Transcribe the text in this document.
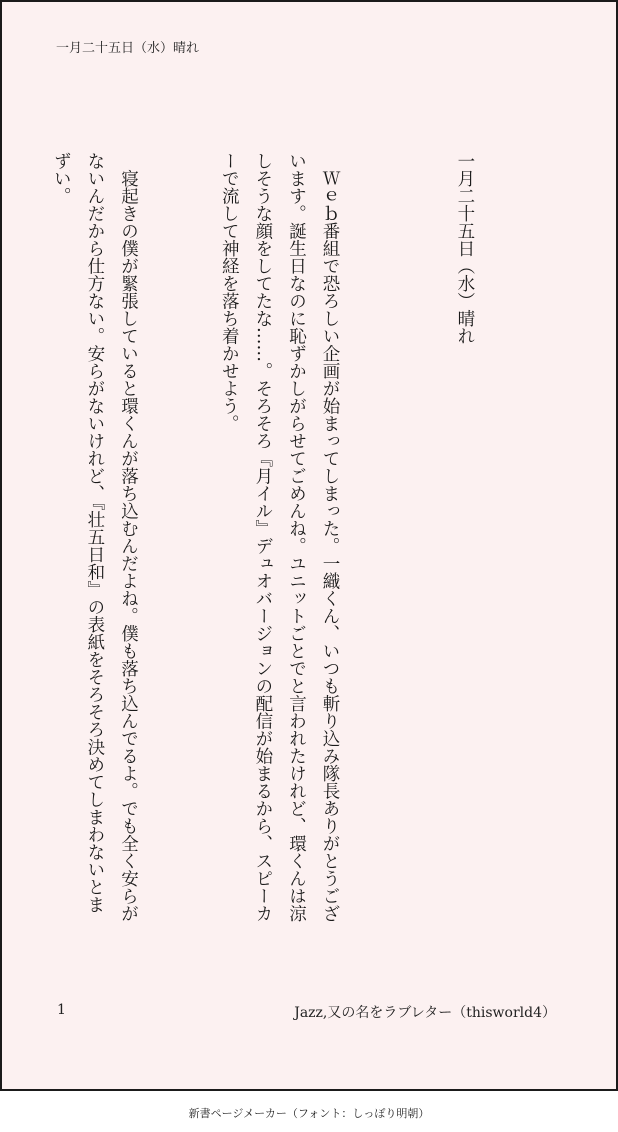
一月二十五日（水）晴れ

一月二十五日（水）晴れ

　Ｗｅｂ番組で恐ろしい企画が始まってしまった。一織くん、いつも斬り込み隊長ありがとうございます。誕生日なのに恥ずかしがらせてごめんね。ユニットごとでと言われたけれど、環くんは涼しそうな顔をしてたな……。そろそろ『月イル』デュオバージョンの配信が始まるから、スピーカーで流して神経を落ち着かせよう。

　寝起きの僕が緊張していると環くんが落ち込むんだよね。僕も落ち込んでるよ。でも全く安らがないんだから仕方ない。安らがないけれど、『壮五日和』の表紙をそろそろ決めてしまわないとまずい。

1	Jazz,又の名をラブレター（thisworld4）
新書ページメーカー（フォント：しっぽり明朝）
